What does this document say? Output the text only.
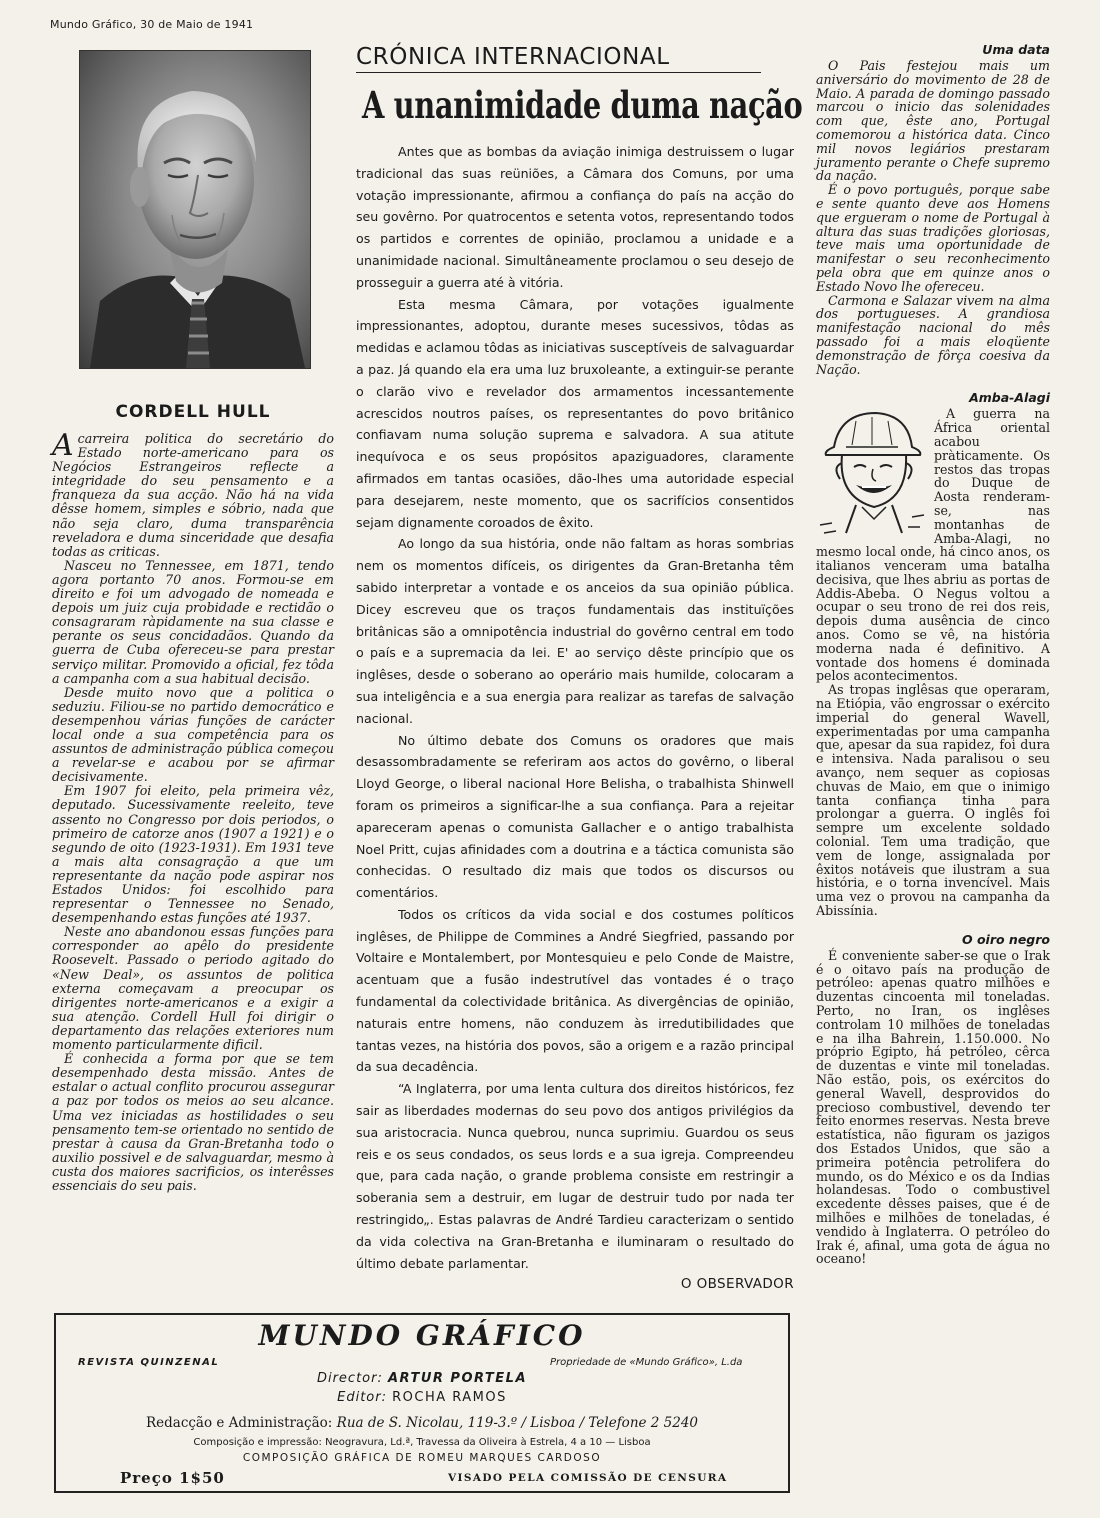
Mundo Gráfico, 30 de Maio de 1941
CORDELL HULL

Acarreira politica do secretário do Estado norte-americano para os Negócios Estrangeiros reflecte a integridade do seu pensamento e a franqueza da sua acção. Não há na vida dêsse homem, simples e sóbrio, nada que não seja claro, duma transparência reveladora e duma sinceridade que desafia todas as criticas.

Nasceu no Tennessee, em 1871, tendo agora portanto 70 anos. Formou-se em direito e foi um advogado de nomeada e depois um juiz cuja probidade e rectidão o consagraram ràpidamente na sua classe e perante os seus concidadãos. Quando da guerra de Cuba ofereceu-se para prestar serviço militar. Promovido a oficial, fez tôda a campanha com a sua habitual decisão.

Desde muito novo que a politica o seduziu. Filiou-se no partido democrático e desempenhou várias funções de carácter local onde a sua competência para os assuntos de administração pública começou a revelar-se e acabou por se afirmar decisivamente.

Em 1907 foi eleito, pela primeira vêz, deputado. Sucessivamente reeleito, teve assento no Congresso por dois periodos, o primeiro de catorze anos (1907 a 1921) e o segundo de oito (1923-1931). Em 1931 teve a mais alta consagração a que um representante da nação pode aspirar nos Estados Unidos: foi escolhido para representar o Tennessee no Senado, desempenhando estas funções até 1937.

Neste ano abandonou essas funções para corresponder ao apêlo do presidente Roosevelt. Passado o periodo agitado do «New Deal», os assuntos de politica externa começavam a preocupar os dirigentes norte-americanos e a exigir a sua atenção. Cordell Hull foi dirigir o departamento das relações exteriores num momento particularmente dificil.

É conhecida a forma por que se tem desempenhado desta missão. Antes de estalar o actual conflito procurou assegurar a paz por todos os meios ao seu alcance. Uma vez iniciadas as hostilidades o seu pensamento tem-se orientado no sentido de prestar à causa da Gran-Bretanha todo o auxilio possivel e de salvaguardar, mesmo à custa dos maiores sacrificios, os interêsses essenciais do seu pais.

CRÓNICA INTERNACIONAL
A unanimidade duma nação

Antes que as bombas da aviação inimiga destruissem o lugar tradicional das suas reüniões, a Câmara dos Comuns, por uma votação impressionante, afirmou a confiança do país na acção do seu govêrno. Por quatrocentos e setenta votos, representando todos os partidos e correntes de opinião, proclamou a unidade e a unanimidade nacional. Simultâneamente proclamou o seu desejo de prosseguir a guerra até à vitória.

Esta mesma Câmara, por votações igualmente impressionantes, adoptou, durante meses sucessivos, tôdas as medidas e aclamou tôdas as iniciativas susceptíveis de salvaguardar a paz. Já quando ela era uma luz bruxoleante, a extinguir-se perante o clarão vivo e revelador dos armamentos incessantemente acrescidos noutros países, os representantes do povo britânico confiavam numa solução suprema e salvadora. A sua atitute inequívoca e os seus propósitos apaziguadores, claramente afirmados em tantas ocasiões, dão-lhes uma autoridade especial para desejarem, neste momento, que os sacrifícios consentidos sejam dignamente coroados de êxito.

Ao longo da sua história, onde não faltam as horas sombrias nem os momentos difíceis, os dirigentes da Gran-Bretanha têm sabido interpretar a vontade e os anceios da sua opinião pública. Dicey escreveu que os traços fundamentais das instituïções britânicas são a omnipotência industrial do govêrno central em todo o país e a supremacia da lei. E' ao serviço dêste princípio que os inglêses, desde o soberano ao operário mais humilde, colocaram a sua inteligência e a sua energia para realizar as tarefas de salvação nacional.

No último debate dos Comuns os oradores que mais desassombradamente se referiram aos actos do govêrno, o liberal Lloyd George, o liberal nacional Hore Belisha, o trabalhista Shinwell foram os primeiros a significar-lhe a sua confiança. Para a rejeitar apareceram apenas o comunista Gallacher e o antigo trabalhista Noel Pritt, cujas afinidades com a doutrina e a táctica comunista são conhecidas. O resultado diz mais que todos os discursos ou comentários.

Todos os críticos da vida social e dos costumes políticos inglêses, de Philippe de Commines a André Siegfried, passando por Voltaire e Montalembert, por Montesquieu e pelo Conde de Maistre, acentuam que a fusão indestrutível das vontades é o traço fundamental da colectividade britânica. As divergências de opinião, naturais entre homens, não conduzem às irredutibilidades que tantas vezes, na história dos povos, são a origem e a razão principal da sua decadência.

“A Inglaterra, por uma lenta cultura dos direitos históricos, fez sair as liberdades modernas do seu povo dos antigos privilégios da sua aristocracia. Nunca quebrou, nunca suprimiu. Guardou os seus reis e os seus condados, os seus lords e a sua igreja. Compreendeu que, para cada nação, o grande problema consiste em restringir a soberania sem a destruir, em lugar de destruir tudo por nada ter restringido„. Estas palavras de André Tardieu caracterizam o sentido da vida colectiva na Gran-Bretanha e iluminaram o resultado do último debate parlamentar.

O OBSERVADOR
Uma data

O Pais festejou mais um aniversário do movimento de 28 de Maio. A parada de domingo passado marcou o inicio das solenidades com que, êste ano, Portugal comemorou a histórica data. Cinco mil novos legiários prestaram juramento perante o Chefe supremo da nação.

É o povo português, porque sabe e sente quanto deve aos Homens que ergueram o nome de Portugal à altura das suas tradições gloriosas, teve mais uma oportunidade de manifestar o seu reconhecimento pela obra que em quinze anos o Estado Novo lhe ofereceu.

Carmona e Salazar vivem na alma dos portugueses. A grandiosa manifestação nacional do mês passado foi a mais eloqüente demonstração de fôrça coesiva da Nação.

Amba-Alagi

A guerra na África oriental acabou pràticamente. Os restos das tropas do Duque de Aosta renderam-se, nas montanhas de Amba-Alagi, no mesmo local onde, há cinco anos, os italianos venceram uma batalha decisiva, que lhes abriu as portas de Addis-Abeba. O Negus voltou a ocupar o seu trono de rei dos reis, depois duma ausência de cinco anos. Como se vê, na história moderna nada é definitivo. A vontade dos homens é dominada pelos acontecimentos.

As tropas inglêsas que operaram, na Etiópia, vão engrossar o exército imperial do general Wavell, experimentadas por uma campanha que, apesar da sua rapidez, foi dura e intensiva. Nada paralisou o seu avanço, nem sequer as copiosas chuvas de Maio, em que o inimigo tanta confiança tinha para prolongar a guerra. O inglês foi sempre um excelente soldado colonial. Tem uma tradição, que vem de longe, assignalada por êxitos notáveis que ilustram a sua história, e o torna invencível. Mais uma vez o provou na campanha da Abissínia.

O oiro negro

É conveniente saber-se que o Irak é o oitavo país na produção de petróleo: apenas quatro milhões e duzentas cincoenta mil toneladas. Perto, no Iran, os inglêses controlam 10 milhões de toneladas e na ilha Bahrein, 1.150.000. No próprio Egipto, há petróleo, cêrca de duzentas e vinte mil toneladas. Não estão, pois, os exércitos do general Wavell, desprovidos do precioso combustivel, devendo ter feito enormes reservas. Nesta breve estatística, não figuram os jazigos dos Estados Unidos, que são a primeira potência petrolifera do mundo, os do México e os da Indias holandesas. Todo o combustivel excedente dêsses paises, que é de milhões e milhões de toneladas, é vendido à Inglaterra. O petróleo do Irak é, afinal, uma gota de água no oceano!

MUNDO GRÁFICO
REVISTA QUINZENAL	Propriedade de «Mundo Gráfico», L.da
Director: ARTUR PORTELA
Editor: ROCHA RAMOS
Redacção e Administração: Rua de S. Nicolau, 119-3.º / Lisboa / Telefone 2 5240
Composição e impressão: Neogravura, Ld.ª, Travessa da Oliveira à Estrela, 4 a 10 — Lisboa
COMPOSIÇÃO GRÁFICA DE ROMEU MARQUES CARDOSO
Preço 1$50	VISADO PELA COMISSÃO DE CENSURA
